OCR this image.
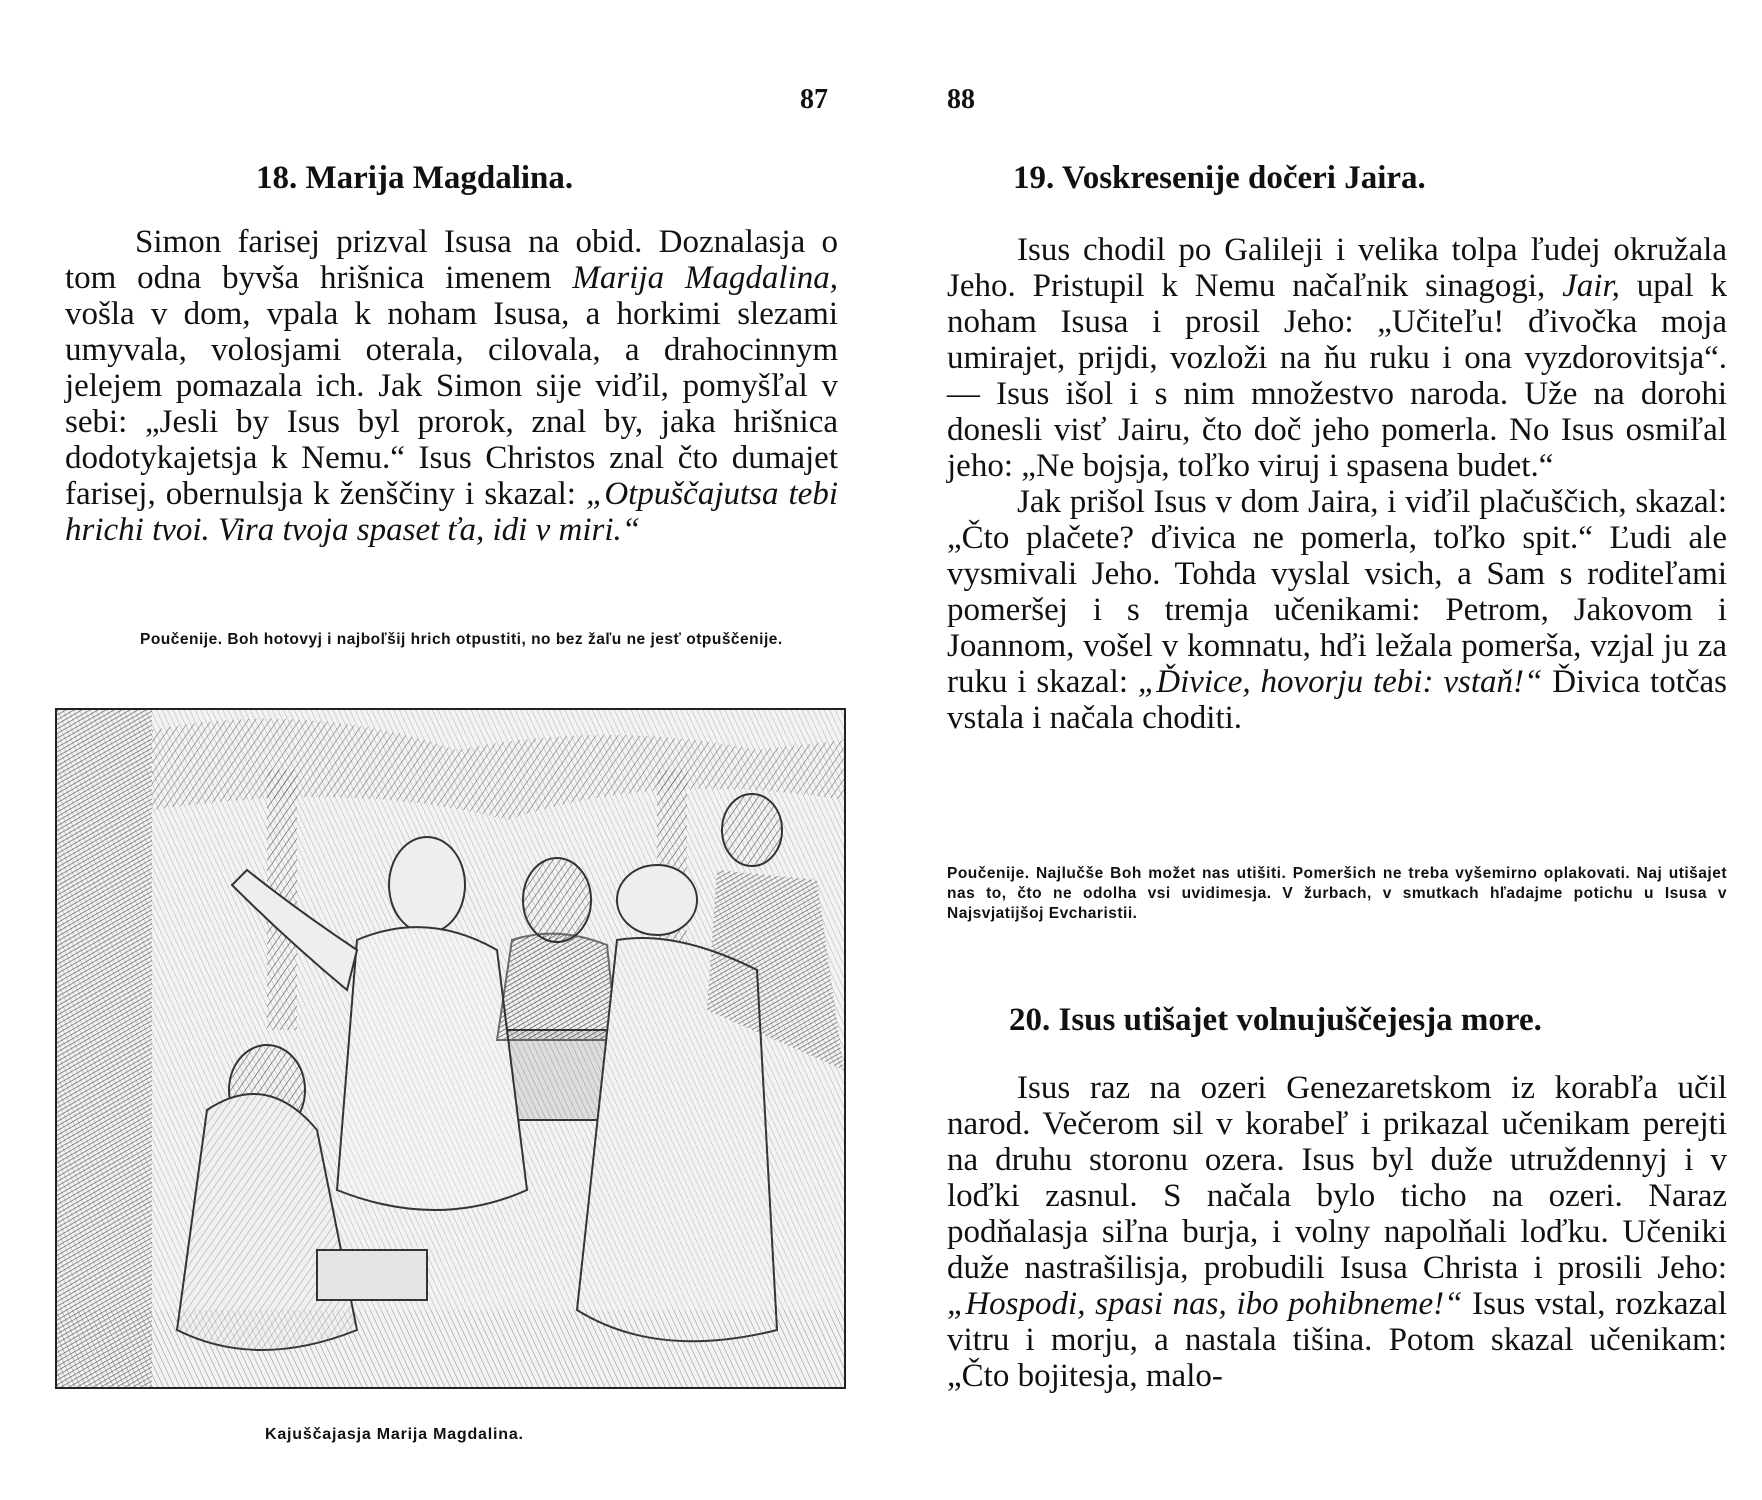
87
18. Marija Magdalina.

Simon farisej prizval Isusa na obid. Doznalasja o tom odna byvša hrišnica imenem Marija Magdalina, vošla v dom, vpala k noham Isusa, a horkimi slezami umyvala, volosjami oterala, cilovala, a drahocinnym jelejem pomazala ich. Jak Simon sije viďil, pomyšľal v sebi: „Jesli by Isus byl prorok, znal by, jaka hrišnica dodotykajetsja k Nemu.“ Isus Christos znal čto dumajet farisej, obernulsja k ženščiny i skazal: „Otpuščajutsa tebi hrichi tvoi. Vira tvoja spaset ťa, idi v miri.“

Poučenije. Boh hotovyj i najboľšij hrich otpustiti, no bez žaľu ne jesť otpuščenije.
Kajuščajasja Marija Magdalina.
88
19. Voskresenije dočeri Jaira.

Isus chodil po Galileji i velika tolpa ľudej okružala Jeho. Pristupil k Nemu načaľnik sinagogi, Jair, upal k noham Isusa i prosil Jeho: „Učiteľu! ďivočka moja umirajet, prijdi, vozloži na ňu ruku i ona vyzdorovitsja“. — Isus išol i s nim množestvo naroda. Uže na dorohi donesli visť Jairu, čto doč jeho pomerla. No Isus osmiľal jeho: „Ne bojsja, toľko viruj i spasena budet.“

Jak prišol Isus v dom Jaira, i viďil plačuščich, skazal: „Čto plačete? ďivica ne pomerla, toľko spit.“ Ľudi ale vysmivali Jeho. Tohda vyslal vsich, a Sam s roditeľami pomeršej i s tremja učenikami: Petrom, Jakovom i Joannom, vošel v komnatu, hďi ležala pomerša, vzjal ju za ruku i skazal: „Ďivice, hovorju tebi: vstaň!“ Ďivica totčas vstala i načala choditi.

Poučenije. Najlučše Boh možet nas utišiti. Pomeršich ne treba vyšemirno oplakovati. Naj utišajet nas to, čto ne odolha vsi uvidimesja. V žurbach, v smutkach hľadajme potichu u Isusa v Najsvjatijšoj Evcharistii.
20. Isus utišajet volnujuščejesja more.

Isus raz na ozeri Genezaretskom iz korabľa učil narod. Večerom sil v korabeľ i prikazal učenikam perejti na druhu storonu ozera. Isus byl duže utruždennyj i v loďki zasnul. S načala bylo ticho na ozeri. Naraz podňalasja siľna burja, i volny napolňali loďku. Učeniki duže nastrašilisja, probudili Isusa Christa i prosili Jeho: „Hospodi, spasi nas, ibo pohibneme!“ Isus vstal, rozkazal vitru i morju, a nastala tišina. Potom skazal učenikam: „Čto bojitesja, malo-
